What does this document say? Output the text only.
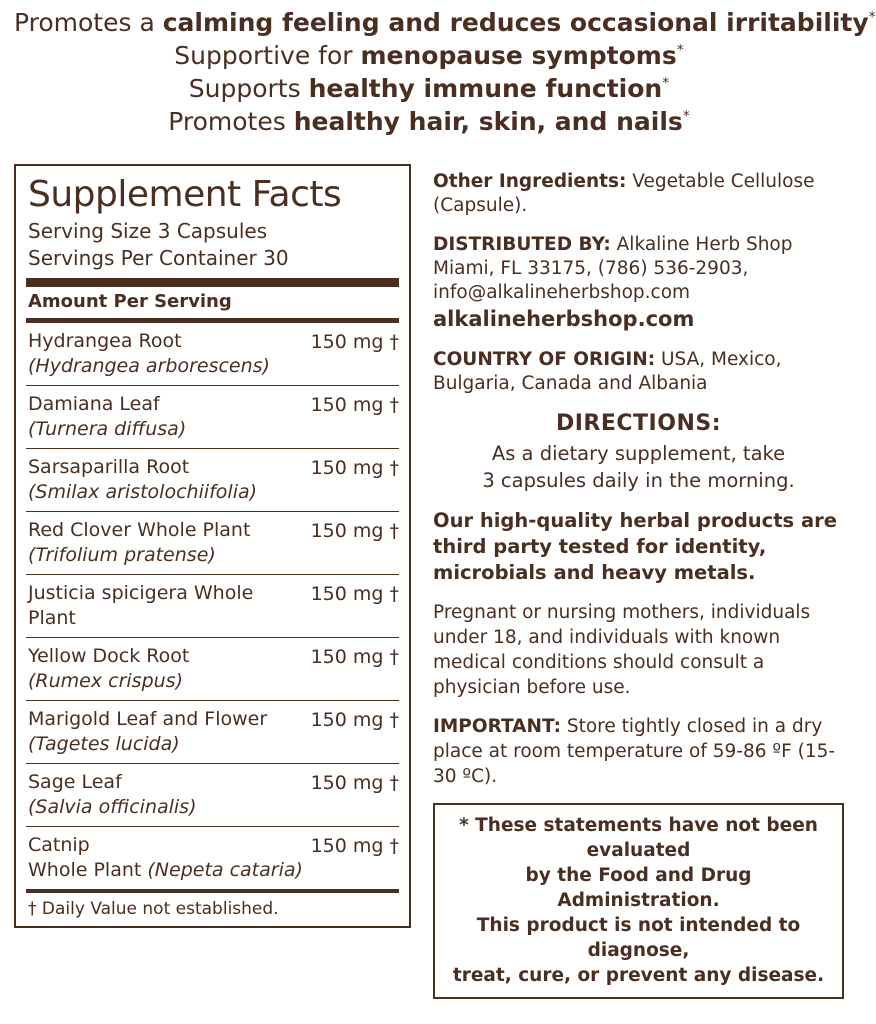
Promotes a calming feeling and reduces occasional irritability*
Supportive for menopause symptoms*
Supports healthy immune function*
Promotes healthy hair, skin, and nails*
Supplement Facts
Serving Size 3 Capsules
Servings Per Container 30
Amount Per Serving
Hydrangea Root
(Hydrangea arborescens)
150 mg †
Damiana Leaf
(Turnera diffusa)
150 mg †
Sarsaparilla Root
(Smilax aristolochiifolia)
150 mg †
Red Clover Whole Plant
(Trifolium pratense)
150 mg †
Justicia spicigera Whole Plant
150 mg †
Yellow Dock Root
(Rumex crispus)
150 mg †
Marigold Leaf and Flower
(Tagetes lucida)
150 mg †
Sage Leaf
(Salvia officinalis)
150 mg †
Catnip
Whole Plant (Nepeta cataria)
150 mg †
† Daily Value not established.
Other Ingredients: Vegetable Cellulose (Capsule).
DISTRIBUTED BY: Alkaline Herb Shop
Miami, FL 33175, (786) 536-2903,
info@alkalineherbshop.com
alkalineherbshop.com
COUNTRY OF ORIGIN: USA, Mexico, Bulgaria, Canada and Albania
DIRECTIONS:
As a dietary supplement, take
3 capsules daily in the morning.
Our high-quality herbal products are third party tested for identity, microbials and heavy metals.
Pregnant or nursing mothers, individuals under 18, and individuals with known medical conditions should consult a physician before use.
IMPORTANT: Store tightly closed in a dry place at room temperature of 59-86 ºF (15-30 ºC).
* These statements have not been evaluated
by the Food and Drug Administration.
This product is not intended to diagnose,
treat, cure, or prevent any disease.
